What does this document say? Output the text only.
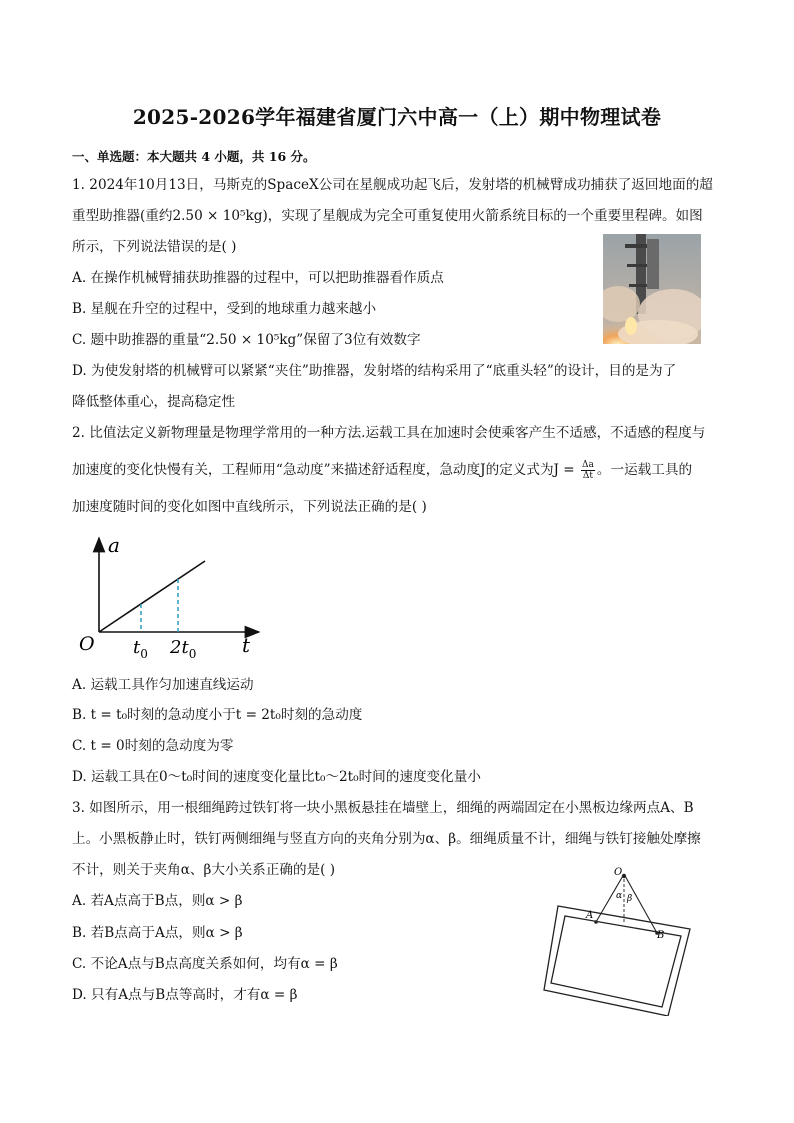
2025-2026学年福建省厦门六中高一（上）期中物理试卷
一、单选题：本大题共 4 小题，共 16 分。
1. 2024年10月13日，马斯克的SpaceX公司在星舰成功起飞后，发射塔的机械臂成功捕获了返回地面的超
重型助推器(重约2.50 × 10⁵kg)，实现了星舰成为完全可重复使用火箭系统目标的一个重要里程碑。如图
所示，下列说法错误的是( )
A. 在操作机械臂捕获助推器的过程中，可以把助推器看作质点
B. 星舰在升空的过程中，受到的地球重力越来越小
C. 题中助推器的重量“2.50 × 10⁵kg”保留了3位有效数字
D. 为使发射塔的机械臂可以紧紧“夹住”助推器，发射塔的结构采用了“底重头轻”的设计，目的是为了
降低整体重心，提高稳定性
2. 比值法定义新物理量是物理学常用的一种方法.运载工具在加速时会使乘客产生不适感，不适感的程度与
加速度的变化快慢有关，工程师用“急动度”来描述舒适程度，急动度J的定义式为$J = \frac{\Delta a}{\Delta t}$ 。一运载工具的
加速度随时间的变化如图中直线所示，下列说法正确的是( )
a
t
O $t_0$ $2t_0$
A. 运载工具作匀加速直线运动
B. t = t₀时刻的急动度小于t = 2t₀时刻的急动度
C. t = 0时刻的急动度为零
D. 运载工具在0～t₀时间的速度变化量比t₀～2t₀时间的速度变化量小
3. 如图所示，用一根细绳跨过铁钉将一块小黑板悬挂在墙壁上，细绳的两端固定在小黑板边缘两点A、B
上。小黑板静止时，铁钉两侧细绳与竖直方向的夹角分别为α、β。细绳质量不计，细绳与铁钉接触处摩擦
不计，则关于夹角α、β大小关系正确的是( )	O
A
B
α β
A. 若A点高于B点，则α > β
B. 若B点高于A点，则α > β
C. 不论A点与B点高度关系如何，均有α = β
D. 只有A点与B点等高时，才有α = β
